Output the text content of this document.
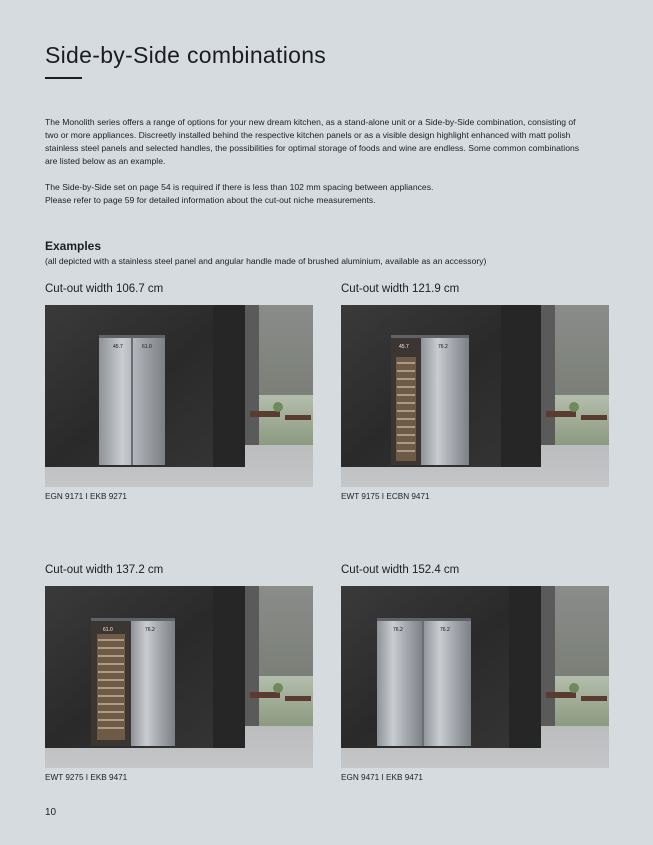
Side-by-Side combinations

The Monolith series offers a range of options for your new dream kitchen, as a stand-alone unit or a Side-by-Side combination, consisting of two or more appliances. Discreetly installed behind the respective kitchen panels or as a visible design highlight enhanced with matt polish stainless steel panels and selected handles, the possibilities for optimal storage of foods and wine are endless. Some common combinations are listed below as an example.

The Side-by-Side set on page 54 is required if there is less than 102 mm spacing between appliances.
Please refer to page 59 for detailed information about the cut-out niche measurements.

Examples

(all depicted with a stainless steel panel and angular handle made of brushed aluminium, available as an accessory)

Cut-out width 106.7 cm

45.7	61.0

EGN 9171 I EKB 9271

Cut-out width 121.9 cm

45.7	76.2

EWT 9175 I ECBN 9471

Cut-out width 137.2 cm

61.0	76.2

EWT 9275 I EKB 9471

Cut-out width 152.4 cm

76.2	76.2

EGN 9471 I EKB 9471

10
